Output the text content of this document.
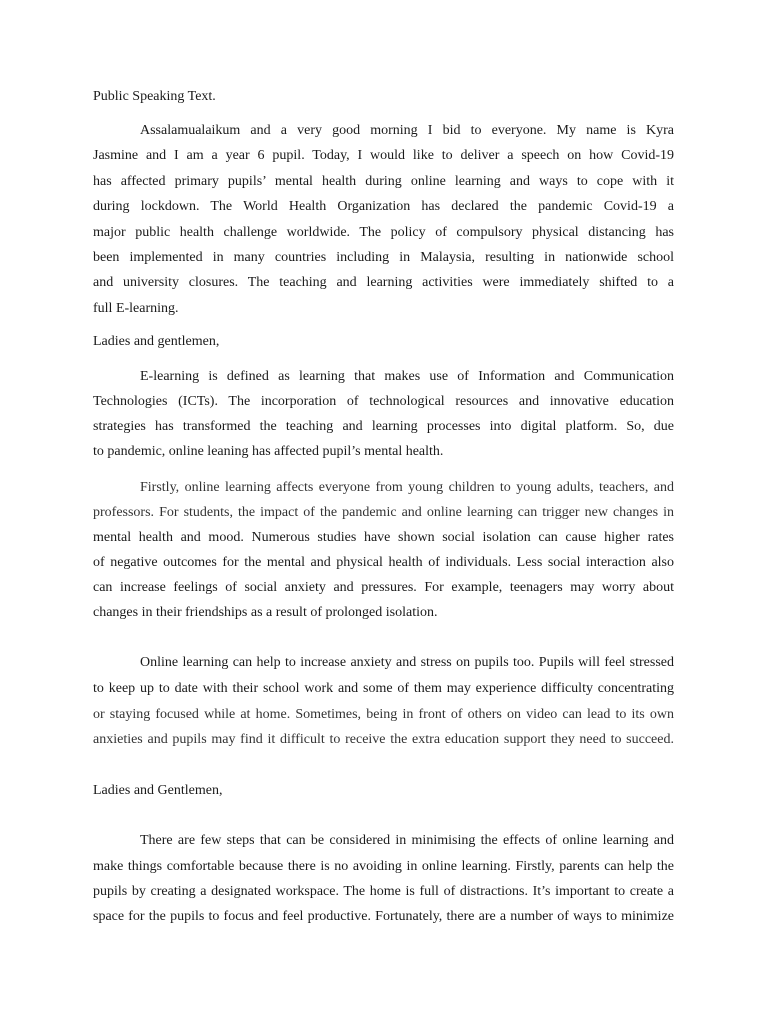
Public Speaking Text.
Assalamualaikum and a very good morning I bid to everyone. My name is Kyra
Jasmine and I am a year 6 pupil. Today, I would like to deliver a speech on how Covid-19
has affected primary pupils’ mental health during online learning and ways to cope with it
during lockdown. The World Health Organization has declared the pandemic Covid-19 a
major public health challenge worldwide. The policy of compulsory physical distancing has
been implemented in many countries including in Malaysia, resulting in nationwide school
and university closures. The teaching and learning activities were immediately shifted to a
full E-learning.
Ladies and gentlemen,
E-learning is defined as learning that makes use of Information and Communication
Technologies (ICTs). The incorporation of technological resources and innovative education
strategies has transformed the teaching and learning processes into digital platform. So, due
to pandemic, online leaning has affected pupil’s mental health.
Firstly, online learning affects everyone from young children to young adults, teachers, and
professors. For students, the impact of the pandemic and online learning can trigger new changes in
mental health and mood. Numerous studies have shown social isolation can cause higher rates
of negative outcomes for the mental and physical health of individuals. Less social interaction also
can increase feelings of social anxiety and pressures. For example, teenagers may worry about
changes in their friendships as a result of prolonged isolation.
Online learning can help to increase anxiety and stress on pupils too. Pupils will feel stressed
to keep up to date with their school work and some of them may experience difficulty concentrating
or staying focused while at home. Sometimes, being in front of others on video can lead to its own
anxieties and pupils may find it difficult to receive the extra education support they need to succeed.
Ladies and Gentlemen,
There are few steps that can be considered in minimising the effects of online learning and
make things comfortable because there is no avoiding in online learning. Firstly, parents can help the
pupils by creating a designated workspace. The home is full of distractions. It’s important to create a
space for the pupils to focus and feel productive. Fortunately, there are a number of ways to minimize
